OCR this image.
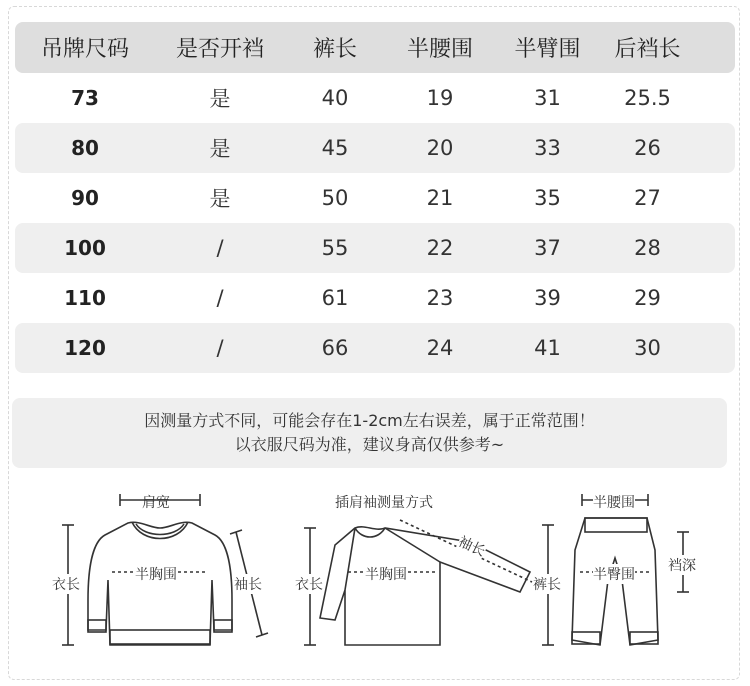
吊牌尺码	是否开裆	裤长	半腰围	半臂围	后裆长
73	是	40	19	31	25.5
80	是	45	20	33	26
90	是	50	21	35	27
100	/	55	22	37	28
110	/	61	23	39	29
120	/	66	24	41	30
因测量方式不同，可能会存在1-2cm左右误差，属于正常范围！
以衣服尺码为准，建议身高仅供参考~
肩宽
半胸围
衣长	袖长
插肩袖测量方式
衣长
半胸围
袖长
半腰围
裤长
半臀围
裆深
